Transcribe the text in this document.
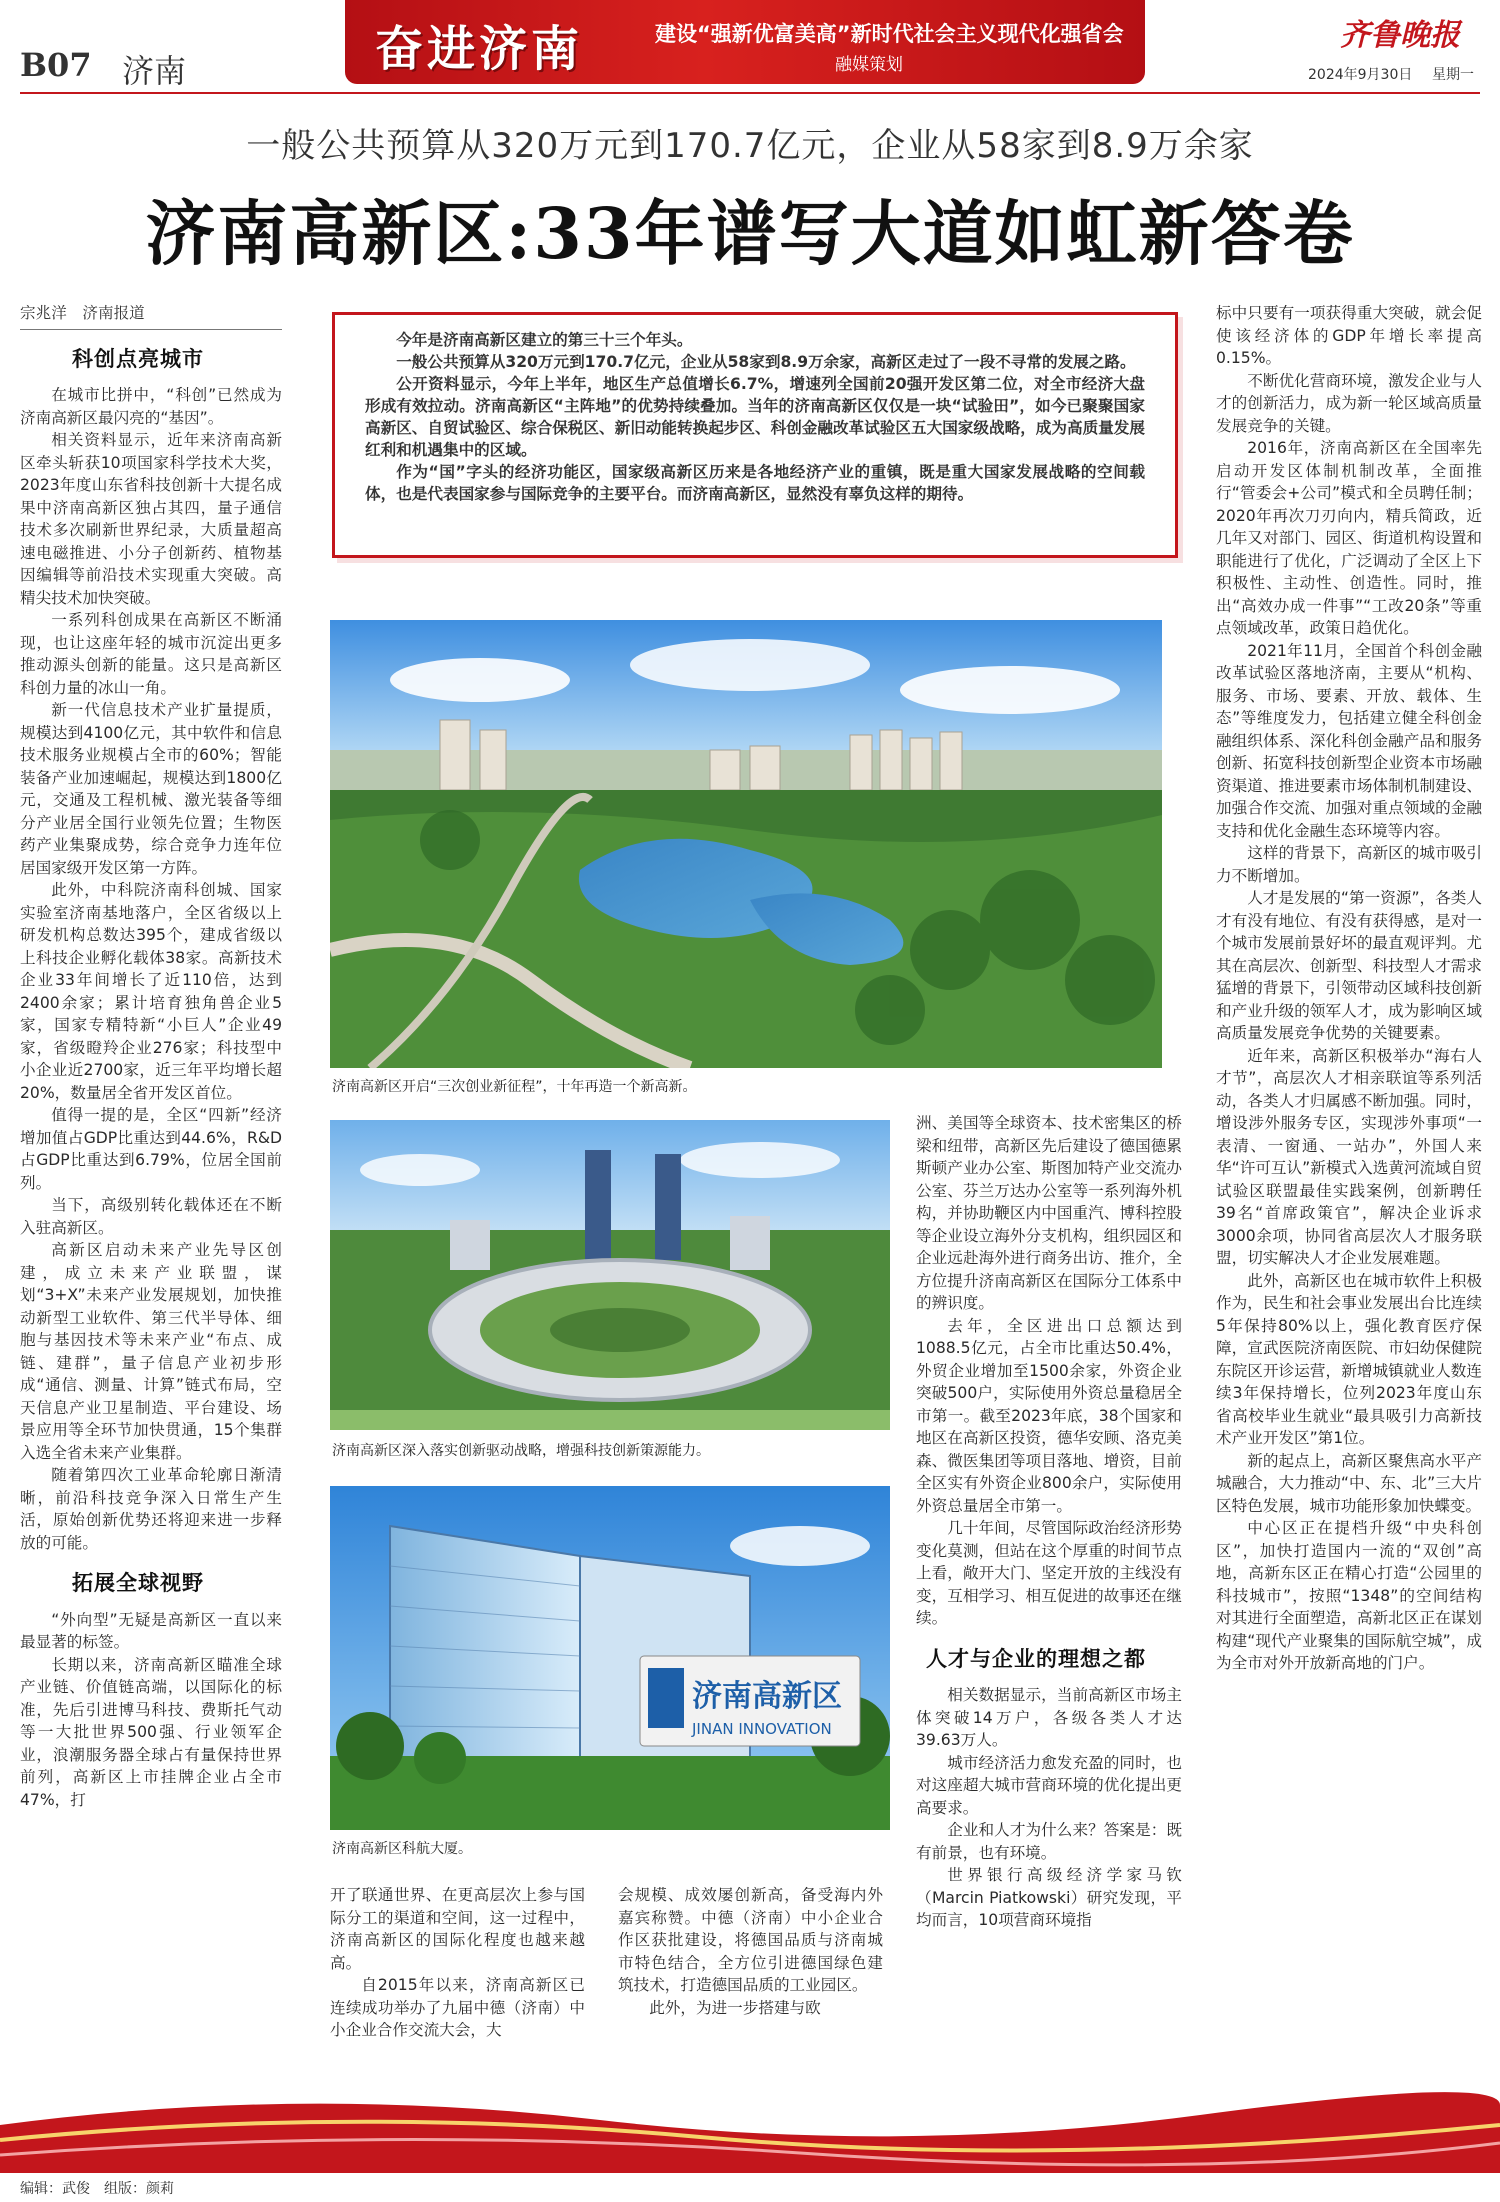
B07 济南	奋进济南	建设“强新优富美高”新时代社会主义现代化强省会
融媒策划
齐鲁晚报
2024年9月30日 星期一
一般公共预算从320万元到170.7亿元，企业从58家到8.9万余家
济南高新区:33年谱写大道如虹新答卷

今年是济南高新区建立的第三十三个年头。

一般公共预算从320万元到170.7亿元，企业从58家到8.9万余家，高新区走过了一段不寻常的发展之路。

公开资料显示，今年上半年，地区生产总值增长6.7%，增速列全国前20强开发区第二位，对全市经济大盘形成有效拉动。济南高新区“主阵地”的优势持续叠加。当年的济南高新区仅仅是一块“试验田”，如今已聚聚国家高新区、自贸试验区、综合保税区、新旧动能转换起步区、科创金融改革试验区五大国家级战略，成为高质量发展红利和机遇集中的区域。

作为“国”字头的经济功能区，国家级高新区历来是各地经济产业的重镇，既是重大国家发展战略的空间载体，也是代表国家参与国际竞争的主要平台。而济南高新区，显然没有辜负这样的期待。

宗兆洋　济南报道

科创点亮城市

在城市比拼中，“科创”已然成为济南高新区最闪亮的“基因”。

相关资料显示，近年来济南高新区牵头斩获10项国家科学技术大奖，2023年度山东省科技创新十大提名成果中济南高新区独占其四，量子通信技术多次刷新世界纪录，大质量超高速电磁推进、小分子创新药、植物基因编辑等前沿技术实现重大突破。高精尖技术加快突破。

一系列科创成果在高新区不断涌现，也让这座年轻的城市沉淀出更多推动源头创新的能量。这只是高新区科创力量的冰山一角。

新一代信息技术产业扩量提质，规模达到4100亿元，其中软件和信息技术服务业规模占全市的60%；智能装备产业加速崛起，规模达到1800亿元，交通及工程机械、激光装备等细分产业居全国行业领先位置；生物医药产业集聚成势，综合竞争力连年位居国家级开发区第一方阵。

此外，中科院济南科创城、国家实验室济南基地落户，全区省级以上研发机构总数达395个，建成省级以上科技企业孵化载体38家。高新技术企业33年间增长了近110倍，达到2400余家；累计培育独角兽企业5家，国家专精特新“小巨人”企业49家，省级瞪羚企业276家；科技型中小企业近2700家，近三年平均增长超20%，数量居全省开发区首位。

值得一提的是，全区“四新”经济增加值占GDP比重达到44.6%，R&D占GDP比重达到6.79%，位居全国前列。

当下，高级别转化载体还在不断入驻高新区。

高新区启动未来产业先导区创建，成立未来产业联盟，谋划“3+X”未来产业发展规划，加快推动新型工业软件、第三代半导体、细胞与基因技术等未来产业“布点、成链、建群”，量子信息产业初步形成“通信、测量、计算”链式布局，空天信息产业卫星制造、平台建设、场景应用等全环节加快贯通，15个集群入选全省未来产业集群。

随着第四次工业革命轮廓日渐清晰，前沿科技竞争深入日常生产生活，原始创新优势还将迎来进一步释放的可能。

拓展全球视野

“外向型”无疑是高新区一直以来最显著的标签。

长期以来，济南高新区瞄准全球产业链、价值链高端，以国际化的标准，先后引进博马科技、费斯托气动等一大批世界500强、行业领军企业，浪潮服务器全球占有量保持世界前列，高新区上市挂牌企业占全市47%，打

济南高新区开启“三次创业新征程”，十年再造一个新高新。
济南高新区深入落实创新驱动战略，增强科技创新策源能力。
济南高新区
JINAN INNOVATION
济南高新区科航大厦。

开了联通世界、在更高层次上参与国际分工的渠道和空间，这一过程中，济南高新区的国际化程度也越来越高。

自2015年以来，济南高新区已连续成功举办了九届中德（济南）中小企业合作交流大会，大

会规模、成效屡创新高，备受海内外嘉宾称赞。中德（济南）中小企业合作区获批建设，将德国品质与济南城市特色结合，全方位引进德国绿色建筑技术，打造德国品质的工业园区。

此外，为进一步搭建与欧

洲、美国等全球资本、技术密集区的桥梁和纽带，高新区先后建设了德国德累斯顿产业办公室、斯图加特产业交流办公室、芬兰万达办公室等一系列海外机构，并协助鞭区内中国重汽、博科控股等企业设立海外分支机构，组织园区和企业远赴海外进行商务出访、推介，全方位提升济南高新区在国际分工体系中的辨识度。

去年，全区进出口总额达到1088.5亿元，占全市比重达50.4%，外贸企业增加至1500余家，外资企业突破500户，实际使用外资总量稳居全市第一。截至2023年底，38个国家和地区在高新区投资，德华安顾、洛克美森、微医集团等项目落地、增资，目前全区实有外资企业800余户，实际使用外资总量居全市第一。

几十年间，尽管国际政治经济形势变化莫测，但站在这个厚重的时间节点上看，敞开大门、坚定开放的主线没有变，互相学习、相互促进的故事还在继续。

人才与企业的理想之都

相关数据显示，当前高新区市场主体突破14万户，各级各类人才达39.63万人。

城市经济活力愈发充盈的同时，也对这座超大城市营商环境的优化提出更高要求。

企业和人才为什么来？答案是：既有前景，也有环境。

世界银行高级经济学家马钦（Marcin Piatkowski）研究发现，平均而言，10项营商环境指

标中只要有一项获得重大突破，就会促使该经济体的GDP年增长率提高0.15%。

不断优化营商环境，激发企业与人才的创新活力，成为新一轮区域高质量发展竞争的关键。

2016年，济南高新区在全国率先启动开发区体制机制改革，全面推行“管委会+公司”模式和全员聘任制；2020年再次刀刃向内，精兵简政，近几年又对部门、园区、街道机构设置和职能进行了优化，广泛调动了全区上下积极性、主动性、创造性。同时，推出“高效办成一件事”“工改20条”等重点领域改革，政策日趋优化。

2021年11月，全国首个科创金融改革试验区落地济南，主要从“机构、服务、市场、要素、开放、载体、生态”等维度发力，包括建立健全科创金融组织体系、深化科创金融产品和服务创新、拓宽科技创新型企业资本市场融资渠道、推进要素市场体制机制建设、加强合作交流、加强对重点领域的金融支持和优化金融生态环境等内容。

这样的背景下，高新区的城市吸引力不断增加。

人才是发展的“第一资源”，各类人才有没有地位、有没有获得感，是对一个城市发展前景好坏的最直观评判。尤其在高层次、创新型、科技型人才需求猛增的背景下，引领带动区域科技创新和产业升级的领军人才，成为影响区域高质量发展竞争优势的关键要素。

近年来，高新区积极举办“海右人才节”，高层次人才相亲联谊等系列活动，各类人才归属感不断加强。同时，增设涉外服务专区，实现涉外事项“一表清、一窗通、一站办”，外国人来华“许可互认”新模式入选黄河流域自贸试验区联盟最佳实践案例，创新聘任39名“首席政策官”，解决企业诉求3000余项，协同省高层次人才服务联盟，切实解决人才企业发展难题。

此外，高新区也在城市软件上积极作为，民生和社会事业发展出台比连续5年保持80%以上，强化教育医疗保障，宣武医院济南医院、市妇幼保健院东院区开诊运营，新增城镇就业人数连续3年保持增长，位列2023年度山东省高校毕业生就业“最具吸引力高新技术产业开发区”第1位。

新的起点上，高新区聚焦高水平产城融合，大力推动“中、东、北”三大片区特色发展，城市功能形象加快蝶变。

中心区正在提档升级“中央科创区”，加快打造国内一流的“双创”高地，高新东区正在精心打造“公园里的科技城市”，按照“1348”的空间结构对其进行全面塑造，高新北区正在谋划构建“现代产业聚集的国际航空城”，成为全市对外开放新高地的门户。

编辑：武俊　组版：颜莉
